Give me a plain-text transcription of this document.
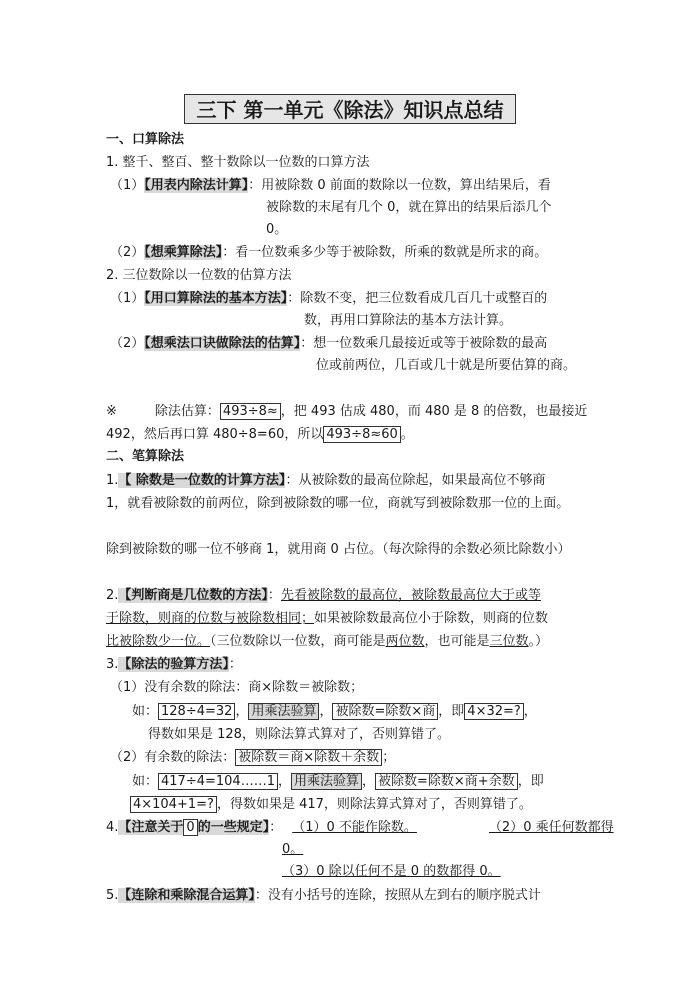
三下 第一单元《除法》知识点总结
一、口算除法
1. 整千、整百、整十数除以一位数的口算方法
（1）【用表内除法计算】：用被除数 0 前面的数除以一位数，算出结果后，看
被除数的末尾有几个 0，就在算出的结果后添几个
0。
（2）【想乘算除法】：看一位数乘多少等于被除数，所乘的数就是所求的商。
2. 三位数除以一位数的估算方法
（1）【用口算除法的基本方法】：除数不变，把三位数看成几百几十或整百的
数，再用口算除法的基本方法计算。
（2）【想乘法口诀做除法的估算】：想一位数乘几最接近或等于被除数的最高
位或前两位，几百或几十就是所要估算的商。
※	除法估算： 493÷8≈ ，把 493 估成 480，而 480 是 8 的倍数，也最接近
492，然后再口算 480÷8=60，所以 493÷8≈60 。
二、笔算除法
1.【 除数是一位数的计算方法】：从被除数的最高位除起，如果最高位不够商
1，就看被除数的前两位，除到被除数的哪一位，商就写到被除数那一位的上面。
除到被除数的哪一位不够商 1，就用商 0 占位。（每次除得的余数必须比除数小）
2.【判断商是几位数的方法】：先看被除数的最高位，被除数最高位大于或等
于除数，则商的位数与被除数相同；如果被除数最高位小于除数，则商的位数
比被除数少一位。（三位数除以一位数，商可能是两位数，也可能是三位数。）
3.【除法的验算方法】：
（1）没有余数的除法：商×除数＝被除数；
如： 128÷4=32 ， 用乘法验算 ， 被除数=除数×商 ，即 4×32=? ，
得数如果是 128，则除法算式算对了，否则算错了。
（2）有余数的除法： 被除数＝商×除数＋余数 ；
如： 417÷4=104……1 ， 用乘法验算 ， 被除数=除数×商+余数 ，即
4×104+1=? ，得数如果是 417，则除法算式算对了，否则算错了。
4.【注意关于 0 的一些规定】： （1）0 不能作除数。	（2）0 乘任何数都得
0。
（3）0 除以任何不是 0 的数都得 0。
5.【连除和乘除混合运算】：没有小括号的连除，按照从左到右的顺序脱式计
